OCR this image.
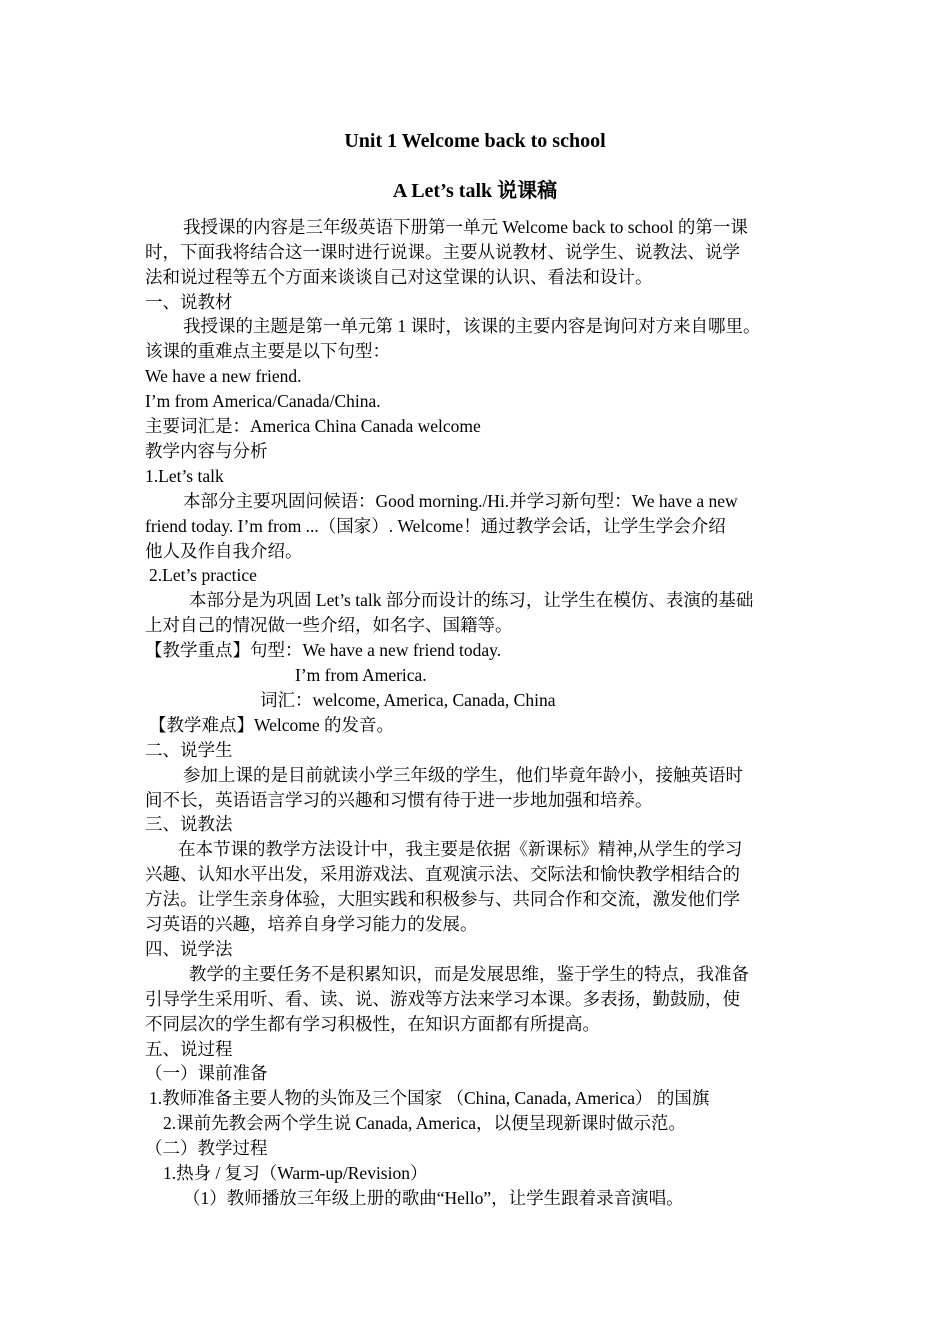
Unit 1 Welcome back to school
A Let’s talk 说课稿
我授课的内容是三年级英语下册第一单元 Welcome back to school 的第一课
时，下面我将结合这一课时进行说课。主要从说教材、说学生、说教法、说学
法和说过程等五个方面来谈谈自己对这堂课的认识、看法和设计。
一、说教材
我授课的主题是第一单元第 1 课时，该课的主要内容是询问对方来自哪里。
该课的重难点主要是以下句型：
We have a new friend.
I’m from America/Canada/China.
主要词汇是：America China Canada welcome
教学内容与分析
1.Let’s talk
本部分主要巩固问候语：Good morning./Hi.并学习新句型：We have a new
friend today. I’m from ...（国家）. Welcome！通过教学会话，让学生学会介绍
他人及作自我介绍。
2.Let’s practice
本部分是为巩固 Let’s talk 部分而设计的练习，让学生在模仿、表演的基础
上对自己的情况做一些介绍，如名字、国籍等。
【教学重点】句型：We have a new friend today.
I’m from America.
词汇：welcome, America, Canada, China
【教学难点】Welcome 的发音。
二、说学生
参加上课的是目前就读小学三年级的学生，他们毕竟年龄小，接触英语时
间不长，英语语言学习的兴趣和习惯有待于进一步地加强和培养。
三、说教法
在本节课的教学方法设计中，我主要是依据《新课标》精神,从学生的学习
兴趣、认知水平出发，采用游戏法、直观演示法、交际法和愉快教学相结合的
方法。让学生亲身体验，大胆实践和积极参与、共同合作和交流，激发他们学
习英语的兴趣，培养自身学习能力的发展。
四、说学法
教学的主要任务不是积累知识，而是发展思维，鉴于学生的特点，我准备
引导学生采用听、看、读、说、游戏等方法来学习本课。多表扬，勤鼓励，使
不同层次的学生都有学习积极性，在知识方面都有所提高。
五、说过程
（一）课前准备
1.教师准备主要人物的头饰及三个国家 （China, Canada, America） 的国旗
2.课前先教会两个学生说 Canada, America，以便呈现新课时做示范。
（二）教学过程
1.热身 / 复习（Warm-up/Revision）
（1）教师播放三年级上册的歌曲“Hello”，让学生跟着录音演唱。
